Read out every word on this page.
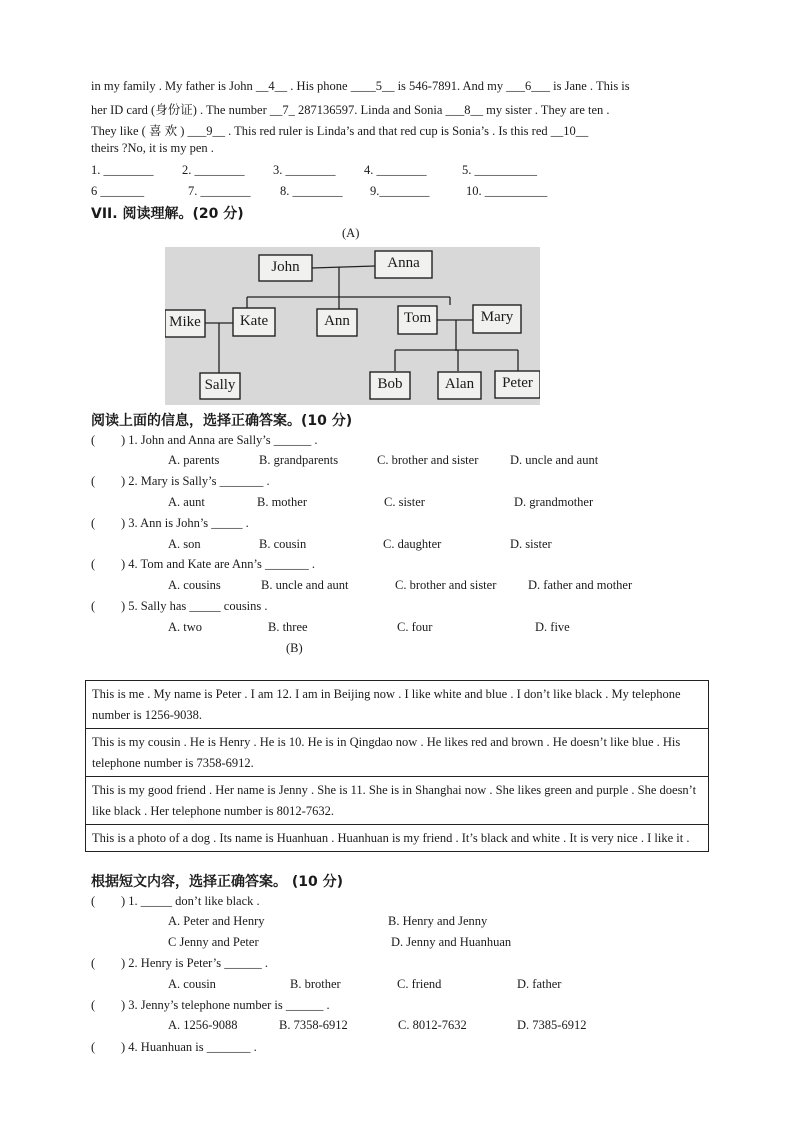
in my family . My father is John __4__ . His phone ____5__ is 546-7891. And my ___6___ is Jane . This is
her ID card (身份证) . The number __7_ 287136597. Linda and Sonia ___8__ my sister . They are ten .
They like ( 喜 欢 ) ___9__ . This red ruler is Linda’s and that red cup is Sonia’s . Is this red __10__
theirs ?No, it is my pen .
1. ________ 2. ________ 3. ________ 4. ________	5. __________
6 _______	7. ________ 8. ________ 9.________	10. __________
VII. 阅读理解。(20 分)
(A)
John	Anna
Mike	Kate	Ann	Tom	Mary
Sally	Bob	Alan	Peter
阅读上面的信息，选择正确答案。(10 分)
( ) 1. John and Anna are Sally’s ______ .
A. parents	B. grandparents	C. brother and sister	D. uncle and aunt
( ) 2. Mary is Sally’s _______ .
A. aunt	B. mother	C. sister	D. grandmother
( ) 3. Ann is John’s _____ .
A. son	B. cousin	C. daughter	D. sister
( ) 4. Tom and Kate are Ann’s _______ .
A. cousins	B. uncle and aunt	C. brother and sister	D. father and mother
( ) 5. Sally has _____ cousins .
A. two	B. three	C. four	D. five
(B)
This is me . My name is Peter . I am 12. I am in Beijing now . I like white and blue . I don’t like black . My telephone number is 1256-9038.
This is my cousin . He is Henry . He is 10. He is in Qingdao now . He likes red and brown . He doesn’t like blue . His telephone number is 7358-6912.
This is my good friend . Her name is Jenny . She is 11. She is in Shanghai now . She likes green and purple . She doesn’t like black . Her telephone number is 8012-7632.
This is a photo of a dog . Its name is Huanhuan . Huanhuan is my friend . It’s black and white . It is very nice . I like it .
根据短文内容，选择正确答案。 (10 分)
( ) 1. _____ don’t like black .
A. Peter and Henry	B. Henry and Jenny
C Jenny and Peter	D. Jenny and Huanhuan
( ) 2. Henry is Peter’s ______ .
A. cousin	B. brother	C. friend	D. father
( ) 3. Jenny’s telephone number is ______ .
A. 1256-9088	B. 7358-6912	C. 8012-7632	D. 7385-6912
( ) 4. Huanhuan is _______ .
